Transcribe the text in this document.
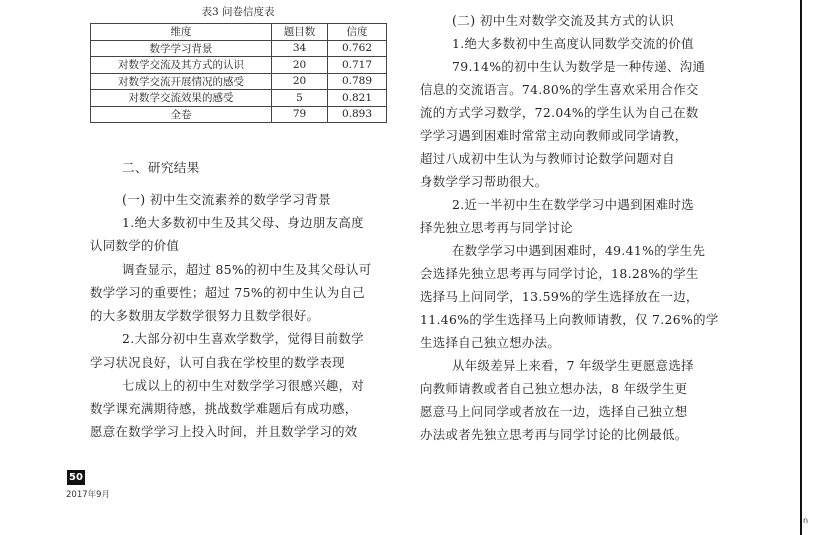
表3 问卷信度表
维度	题目数	信度
数学学习背景	34	0.762
对数学交流及其方式的认识	20	0.717
对数学交流开展情况的感受	20	0.789
对数学交流效果的感受	5	0.821
全卷	79	0.893

二、研究结果

(一) 初中生交流素养的数学学习背景

1.绝大多数初中生及其父母、身边朋友高度

认同数学的价值

调查显示，超过 85%的初中生及其父母认可

数学学习的重要性；超过 75%的初中生认为自己

的大多数朋友学数学很努力且数学很好。

2.大部分初中生喜欢学数学，觉得目前数学

学习状况良好，认可自我在学校里的数学表现

七成以上的初中生对数学学习很感兴趣，对

数学课充满期待感，挑战数学难题后有成功感，

愿意在数学学习上投入时间，并且数学学习的效

(二) 初中生对数学交流及其方式的认识

1.绝大多数初中生高度认同数学交流的价值

79.14%的初中生认为数学是一种传递、沟通

信息的交流语言。74.80%的学生喜欢采用合作交

流的方式学习数学，72.04%的学生认为自己在数

学学习遇到困难时常常主动向教师或同学请教，

超过八成初中生认为与教师讨论数学问题对自

身数学学习帮助很大。

2.近一半初中生在数学学习中遇到困难时选

择先独立思考再与同学讨论

在数学学习中遇到困难时，49.41%的学生先

会选择先独立思考再与同学讨论，18.28%的学生

选择马上问同学，13.59%的学生选择放在一边，

11.46%的学生选择马上向教师请教，仅 7.26%的学

生选择自己独立想办法。

从年级差异上来看，7 年级学生更愿意选择

向教师请教或者自己独立想办法，8 年级学生更

愿意马上问同学或者放在一边，选择自己独立想

办法或者先独立思考再与同学讨论的比例最低。

50
2017年9月
n
